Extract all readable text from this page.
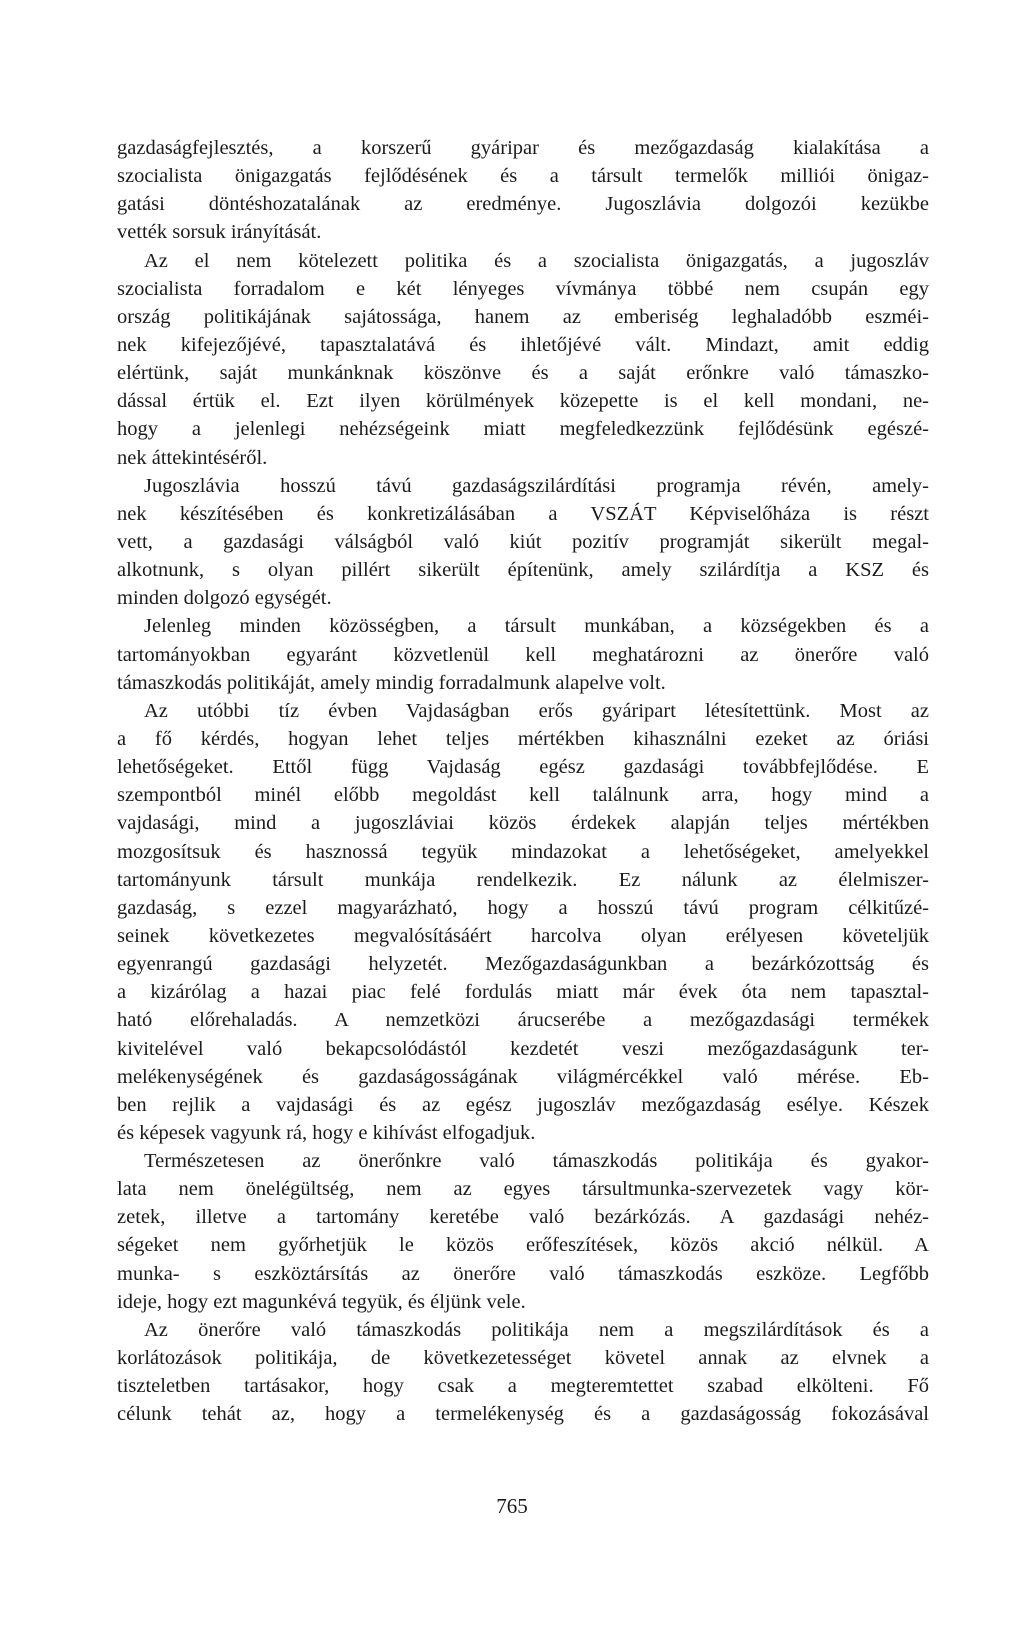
gazdaságfejlesztés, a korszerű gyáripar és mezőgazdaság kialakítása a
szocialista önigazgatás fejlődésének és a társult termelők milliói önigaz-
gatási döntéshozatalának az eredménye. Jugoszlávia dolgozói kezükbe
vették sorsuk irányítását.
Az el nem kötelezett politika és a szocialista önigazgatás, a jugoszláv
szocialista forradalom e két lényeges vívmánya többé nem csupán egy
ország politikájának sajátossága, hanem az emberiség leghaladóbb eszméi-
nek kifejezőjévé, tapasztalatává és ihletőjévé vált. Mindazt, amit eddig
elértünk, saját munkánknak köszönve és a saját erőnkre való támaszko-
dással értük el. Ezt ilyen körülmények közepette is el kell mondani, ne-
hogy a jelenlegi nehézségeink miatt megfeledkezzünk fejlődésünk egészé-
nek áttekintéséről.
Jugoszlávia hosszú távú gazdaságszilárdítási programja révén, amely-
nek készítésében és konkretizálásában a VSZÁT Képviselőháza is részt
vett, a gazdasági válságból való kiút pozitív programját sikerült megal-
alkotnunk, s olyan pillért sikerült építenünk, amely szilárdítja a KSZ és
minden dolgozó egységét.
Jelenleg minden közösségben, a társult munkában, a községekben és a
tartományokban egyaránt közvetlenül kell meghatározni az önerőre való
támaszkodás politikáját, amely mindig forradalmunk alapelve volt.
Az utóbbi tíz évben Vajdaságban erős gyáripart létesítettünk. Most az
a fő kérdés, hogyan lehet teljes mértékben kihasználni ezeket az óriási
lehetőségeket. Ettől függ Vajdaság egész gazdasági továbbfejlődése. E
szempontból minél előbb megoldást kell találnunk arra, hogy mind a
vajdasági, mind a jugoszláviai közös érdekek alapján teljes mértékben
mozgosítsuk és hasznossá tegyük mindazokat a lehetőségeket, amelyekkel
tartományunk társult munkája rendelkezik. Ez nálunk az élelmiszer-
gazdaság, s ezzel magyarázható, hogy a hosszú távú program célkitűzé-
seinek következetes megvalósításáért harcolva olyan erélyesen követeljük
egyenrangú gazdasági helyzetét. Mezőgazdaságunkban a bezárkózottság és
a kizárólag a hazai piac felé fordulás miatt már évek óta nem tapasztal-
ható előrehaladás. A nemzetközi árucserébe a mezőgazdasági termékek
kivitelével való bekapcsolódástól kezdetét veszi mezőgazdaságunk ter-
melékenységének és gazdaságosságának világmércékkel való mérése. Eb-
ben rejlik a vajdasági és az egész jugoszláv mezőgazdaság esélye. Készek
és képesek vagyunk rá, hogy e kihívást elfogadjuk.
Természetesen az önerőnkre való támaszkodás politikája és gyakor-
lata nem önelégültség, nem az egyes társultmunka-szervezetek vagy kör-
zetek, illetve a tartomány keretébe való bezárkózás. A gazdasági nehéz-
ségeket nem győrhetjük le közös erőfeszítések, közös akció nélkül. A
munka- s eszköztársítás az önerőre való támaszkodás eszköze. Legfőbb
ideje, hogy ezt magunkévá tegyük, és éljünk vele.
Az önerőre való támaszkodás politikája nem a megszilárdítások és a
korlátozások politikája, de következetességet követel annak az elvnek a
tiszteletben tartásakor, hogy csak a megteremtettet szabad elkölteni. Fő
célunk tehát az, hogy a termelékenység és a gazdaságosság fokozásával
765
